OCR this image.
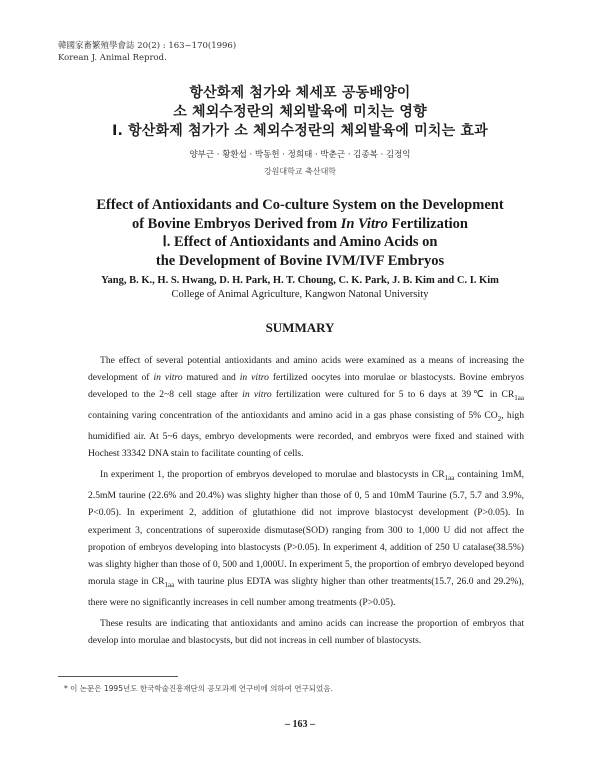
韓國家畜繁殖學會誌 20(2) : 163~170(1996)
Korean J. Animal Reprod.
항산화제 첨가와 체세포 공동배양이
소 체외수정란의 체외발육에 미치는 영향
Ⅰ. 항산화제 첨가가 소 체외수정란의 체외발육에 미치는 효과
양부근 · 황환섭 · 박동헌 · 정희태 · 박춘근 · 김종복 · 김정익
강원대학교 축산대학
Effect of Antioxidants and Co-culture System on the Development
of Bovine Embryos Derived from In Vitro Fertilization
Ⅰ. Effect of Antioxidants and Amino Acids on
the Development of Bovine IVM/IVF Embryos
Yang, B. K., H. S. Hwang, D. H. Park, H. T. Choung, C. K. Park, J. B. Kim and C. I. Kim
College of Animal Agriculture, Kangwon Natonal University
SUMMARY

The effect of several potential antioxidants and amino acids were examined as a means of increasing the development of in vitro matured and in vitro fertilized oocytes into morulae or blastocysts. Bovine embryos developed to the 2~8 cell stage after in vitro fertilization were cultured for 5 to 6 days at 39℃ in $CR_{1aa}$ containing varing concentration of the antioxidants and amino acid in a gas phase consisting of 5% $CO_2$, high humidified air. At 5~6 days, embryo developments were recorded, and embryos were fixed and stained with Hochest 33342 DNA stain to facilitate counting of cells.

In experiment 1, the proportion of embryos developed to morulae and blastocysts in $CR_{1aa}$ containing 1mM, 2.5mM taurine (22.6% and 20.4%) was slighty higher than those of 0, 5 and 10mM Taurine (5.7, 5.7 and 3.9%, P<0.05). In experiment 2, addition of glutathione did not improve blastocyst development (P>0.05). In experiment 3, concentrations of superoxide dismutase(SOD) ranging from 300 to 1,000 U did not affect the propotion of embryos developing into blastocysts (P>0.05). In experiment 4, addition of 250 U catalase(38.5%) was slighty higher than those of 0, 500 and 1,000U. In experiment 5, the proportion of embryo developed beyond morula stage in $CR_{1aa}$ with taurine plus EDTA was slighty higher than other treatments(15.7, 26.0 and 29.2%), there were no significantly increases in cell number among treatments (P>0.05).

These results are indicating that antioxidants and amino acids can increase the proportion of embryos that develop into morulae and blastocysts, but did not increas in cell number of blastocysts.

* 이 논문은 1995년도 한국학술진흥재단의 공모과제 연구비에 의하여 연구되었음.
– 163 –
